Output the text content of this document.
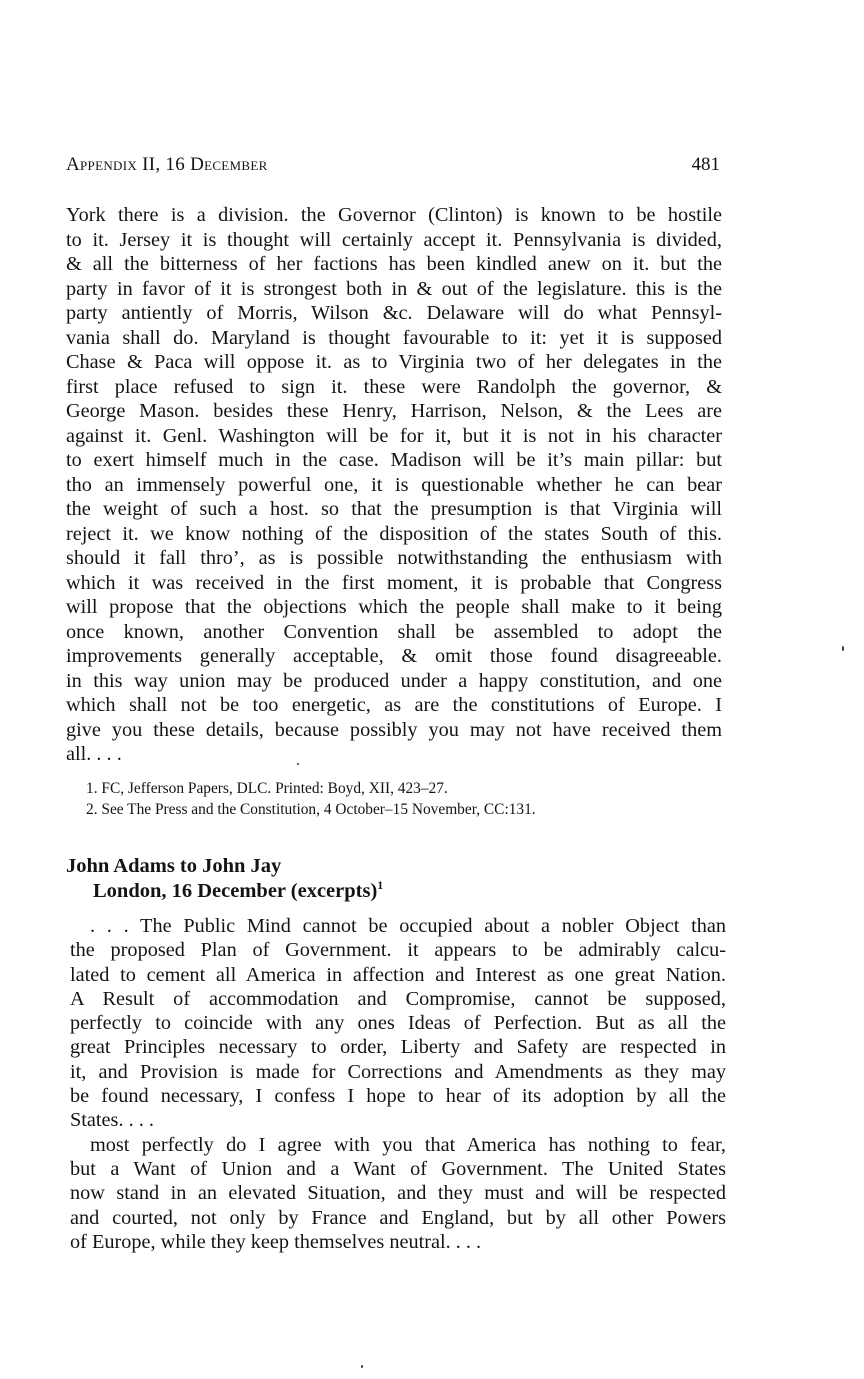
Appendix II, 16 December	481
York there is a division. the Governor (Clinton) is known to be hostile
to it. Jersey it is thought will certainly accept it. Pennsylvania is divided,
& all the bitterness of her factions has been kindled anew on it. but the
party in favor of it is strongest both in & out of the legislature. this is the
party antiently of Morris, Wilson &c. Delaware will do what Pennsyl-
vania shall do. Maryland is thought favourable to it: yet it is supposed
Chase & Paca will oppose it. as to Virginia two of her delegates in the
first place refused to sign it. these were Randolph the governor, &
George Mason. besides these Henry, Harrison, Nelson, & the Lees are
against it. Genl. Washington will be for it, but it is not in his character
to exert himself much in the case. Madison will be it’s main pillar: but
tho an immensely powerful one, it is questionable whether he can bear
the weight of such a host. so that the presumption is that Virginia will
reject it. we know nothing of the disposition of the states South of this.
should it fall thro’, as is possible notwithstanding the enthusiasm with
which it was received in the first moment, it is probable that Congress
will propose that the objections which the people shall make to it being
once known, another Convention shall be assembled to adopt the
improvements generally acceptable, & omit those found disagreeable.
in this way union may be produced under a happy constitution, and one
which shall not be too energetic, as are the constitutions of Europe. I
give you these details, because possibly you may not have received them
all. . . .
1. FC, Jefferson Papers, DLC. Printed: Boyd, XII, 423–27.
2. See The Press and the Constitution, 4 October–15 November, CC:131.
John Adams to John Jay
London, 16 December (excerpts)$^1$
. . . The Public Mind cannot be occupied about a nobler Object than
the proposed Plan of Government. it appears to be admirably calcu-
lated to cement all America in affection and Interest as one great Nation.
A Result of accommodation and Compromise, cannot be supposed,
perfectly to coincide with any ones Ideas of Perfection. But as all the
great Principles necessary to order, Liberty and Safety are respected in
it, and Provision is made for Corrections and Amendments as they may
be found necessary, I confess I hope to hear of its adoption by all the
States. . . .
most perfectly do I agree with you that America has nothing to fear,
but a Want of Union and a Want of Government. The United States
now stand in an elevated Situation, and they must and will be respected
and courted, not only by France and England, but by all other Powers
of Europe, while they keep themselves neutral. . . .
